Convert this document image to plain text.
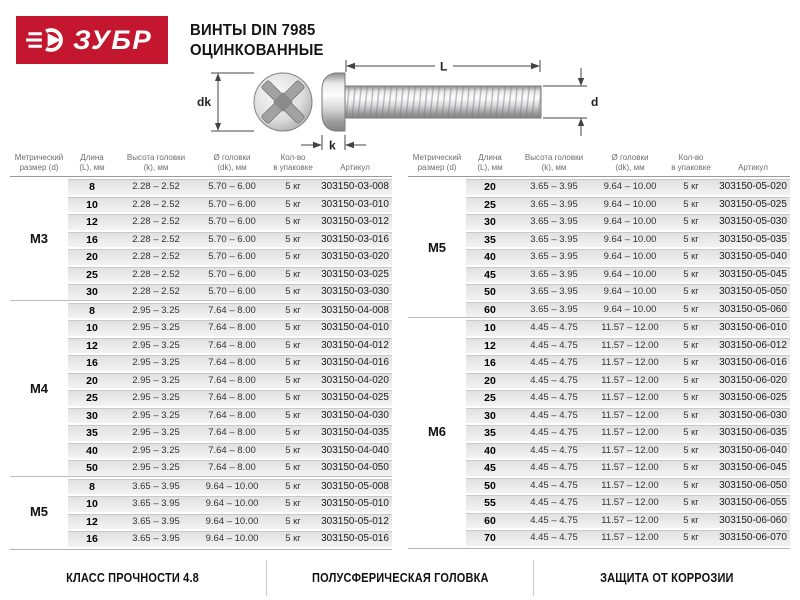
ЗУБР ВИНТЫ DIN 7985
ОЦИНКОВАННЫЕ
dk
L
d
k
Метрический
размер (d)
Длина
(L), мм
Высота головки
(k), мм
Ø головки
(dk), мм
Кол-во
в упаковке	Артикул
М3
8	2.28 – 2.52	5.70 – 6.00	5 кг	303150-03-008
10	2.28 – 2.52	5.70 – 6.00	5 кг	303150-03-010
12	2.28 – 2.52	5.70 – 6.00	5 кг	303150-03-012
16	2.28 – 2.52	5.70 – 6.00	5 кг	303150-03-016
20	2.28 – 2.52	5.70 – 6.00	5 кг	303150-03-020
25	2.28 – 2.52	5.70 – 6.00	5 кг	303150-03-025
30	2.28 – 2.52	5.70 – 6.00	5 кг	303150-03-030
М4
8	2.95 – 3.25	7.64 – 8.00	5 кг	303150-04-008
10	2.95 – 3.25	7.64 – 8.00	5 кг	303150-04-010
12	2.95 – 3.25	7.64 – 8.00	5 кг	303150-04-012
16	2.95 – 3.25	7.64 – 8.00	5 кг	303150-04-016
20	2.95 – 3.25	7.64 – 8.00	5 кг	303150-04-020
25	2.95 – 3.25	7.64 – 8.00	5 кг	303150-04-025
30	2.95 – 3.25	7.64 – 8.00	5 кг	303150-04-030
35	2.95 – 3.25	7.64 – 8.00	5 кг	303150-04-035
40	2.95 – 3.25	7.64 – 8.00	5 кг	303150-04-040
50	2.95 – 3.25	7.64 – 8.00	5 кг	303150-04-050
М5
8	3.65 – 3.95	9.64 – 10.00	5 кг	303150-05-008
10	3.65 – 3.95	9.64 – 10.00	5 кг	303150-05-010
12	3.65 – 3.95	9.64 – 10.00	5 кг	303150-05-012
16	3.65 – 3.95	9.64 – 10.00	5 кг	303150-05-016
Метрический
размер (d)
Длина
(L), мм
Высота головки
(k), мм
Ø головки
(dk), мм
Кол-во
в упаковке	Артикул
М5
20	3.65 – 3.95	9.64 – 10.00	5 кг	303150-05-020
25	3.65 – 3.95	9.64 – 10.00	5 кг	303150-05-025
30	3.65 – 3.95	9.64 – 10.00	5 кг	303150-05-030
35	3.65 – 3.95	9.64 – 10.00	5 кг	303150-05-035
40	3.65 – 3.95	9.64 – 10.00	5 кг	303150-05-040
45	3.65 – 3.95	9.64 – 10.00	5 кг	303150-05-045
50	3.65 – 3.95	9.64 – 10.00	5 кг	303150-05-050
60	3.65 – 3.95	9.64 – 10.00	5 кг	303150-05-060
М6
10	4.45 – 4.75	11.57 – 12.00	5 кг	303150-06-010
12	4.45 – 4.75	11.57 – 12.00	5 кг	303150-06-012
16	4.45 – 4.75	11.57 – 12.00	5 кг	303150-06-016
20	4.45 – 4.75	11.57 – 12.00	5 кг	303150-06-020
25	4.45 – 4.75	11.57 – 12.00	5 кг	303150-06-025
30	4.45 – 4.75	11.57 – 12.00	5 кг	303150-06-030
35	4.45 – 4.75	11.57 – 12.00	5 кг	303150-06-035
40	4.45 – 4.75	11.57 – 12.00	5 кг	303150-06-040
45	4.45 – 4.75	11.57 – 12.00	5 кг	303150-06-045
50	4.45 – 4.75	11.57 – 12.00	5 кг	303150-06-050
55	4.45 – 4.75	11.57 – 12.00	5 кг	303150-06-055
60	4.45 – 4.75	11.57 – 12.00	5 кг	303150-06-060
70	4.45 – 4.75	11.57 – 12.00	5 кг	303150-06-070
КЛАСС ПРОЧНОСТИ 4.8	ПОЛУСФЕРИЧЕСКАЯ ГОЛОВКА	ЗАЩИТА ОТ КОРРОЗИИ
